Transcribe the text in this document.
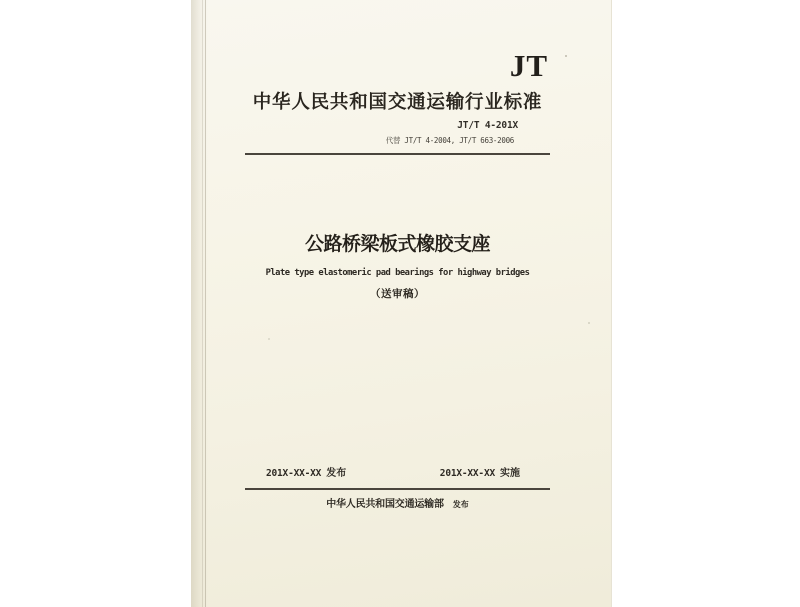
JT
中华人民共和国交通运输行业标准
JT/T 4-201X
代替 JT/T 4-2004, JT/T 663-2006
公路桥梁板式橡胶支座
Plate type elastomeric pad bearings for highway bridges
（送审稿）
201X-XX-XX 发布	201X-XX-XX 实施
中华人民共和国交通运输部 发布
